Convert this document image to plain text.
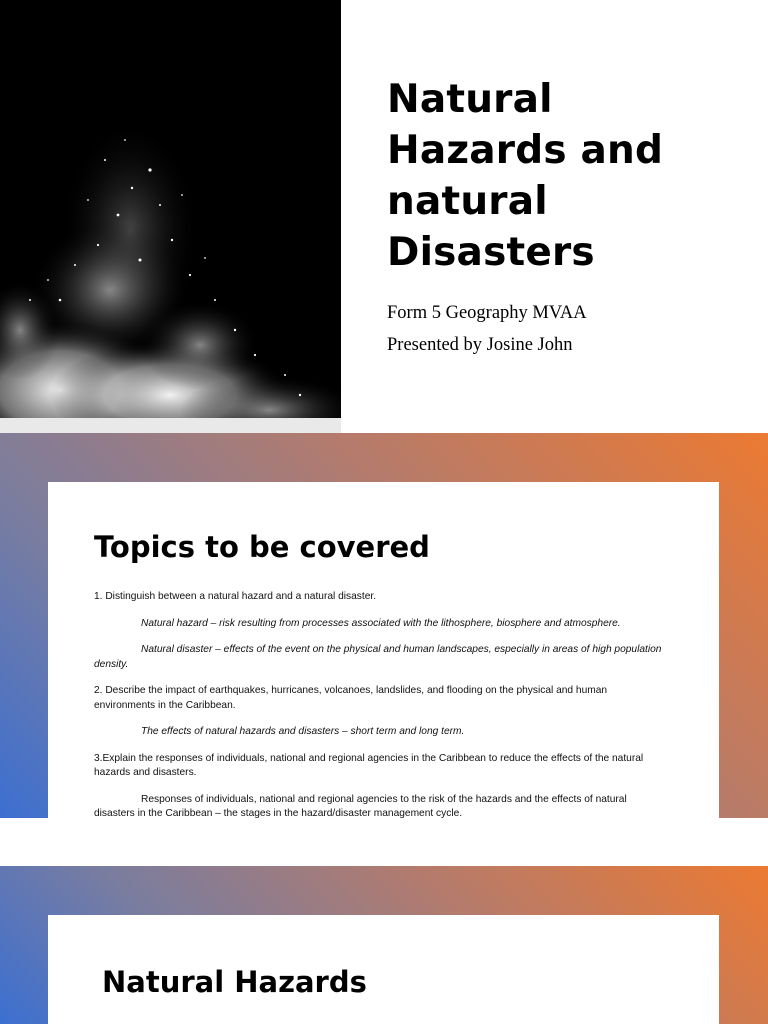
Natural
Hazards and
natural
Disasters

Form 5 Geography MVAA

Presented by Josine John

Topics to be covered

1. Distinguish between a natural hazard and a natural disaster.

Natural hazard – risk resulting from processes associated with the lithosphere, biosphere and atmosphere.

Natural disaster – effects of the event on the physical and human landscapes, especially in areas of high population density.

2. Describe the impact of earthquakes, hurricanes, volcanoes, landslides, and flooding on the physical and human environments in the Caribbean.

The effects of natural hazards and disasters – short term and long term.

3.Explain the responses of individuals, national and regional agencies in the Caribbean to reduce the effects of the natural hazards and disasters.

Responses of individuals, national and regional agencies to the risk of the hazards and the effects of natural disasters in the Caribbean – the stages in the hazard/disaster management cycle.

Natural Hazards
